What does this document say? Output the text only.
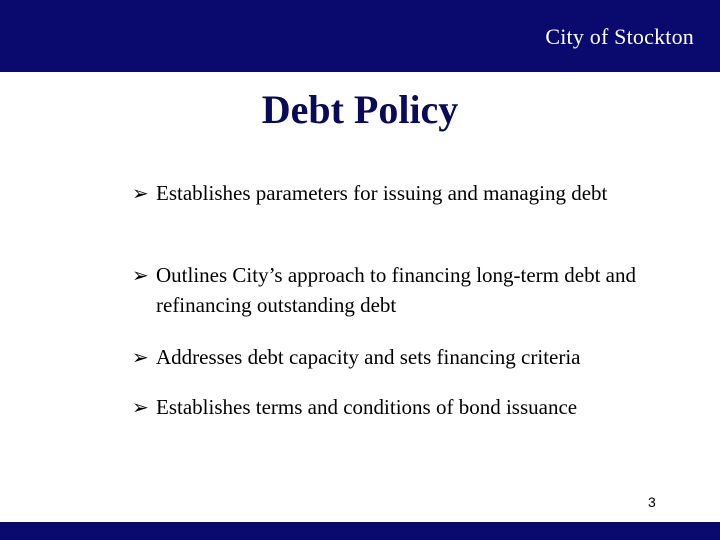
City of Stockton
Debt Policy
➢ Establishes parameters for issuing and managing debt
➢ Outlines City’s approach to financing long-term debt and refinancing outstanding debt
➢ Addresses debt capacity and sets financing criteria
➢ Establishes terms and conditions of bond issuance
3
